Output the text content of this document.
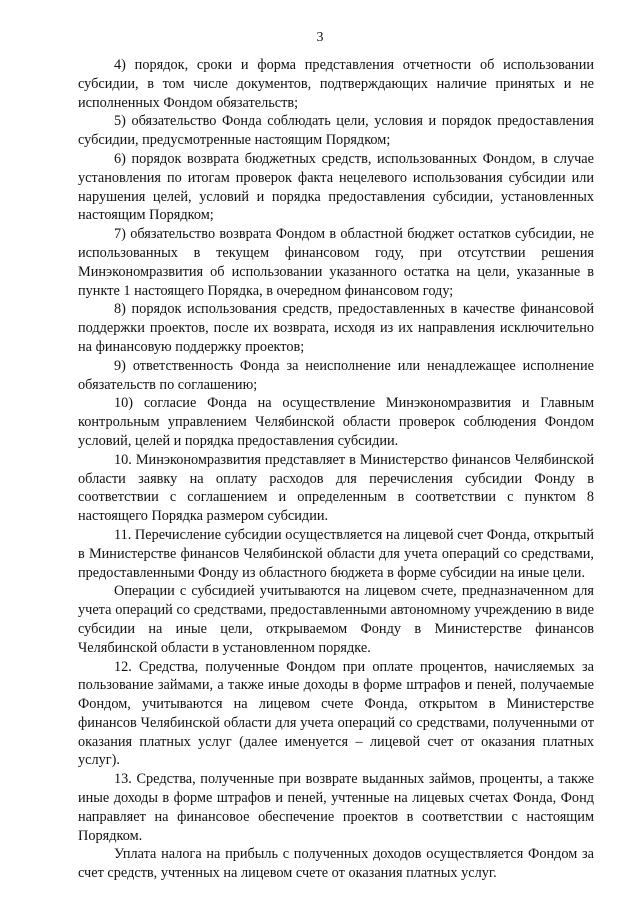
3

4) порядок, сроки и форма представления отчетности об использовании субсидии, в том числе документов, подтверждающих наличие принятых и не исполненных Фондом обязательств;

5) обязательство Фонда соблюдать цели, условия и порядок предоставления субсидии, предусмотренные настоящим Порядком;

6) порядок возврата бюджетных средств, использованных Фондом, в случае установления по итогам проверок факта нецелевого использования субсидии или нарушения целей, условий и порядка предоставления субсидии, установленных настоящим Порядком;

7) обязательство возврата Фондом в областной бюджет остатков субсидии, не использованных в текущем финансовом году, при отсутствии решения Минэкономразвития об использовании указанного остатка на цели, указанные в пункте 1 настоящего Порядка, в очередном финансовом году;

8) порядок использования средств, предоставленных в качестве финансовой поддержки проектов, после их возврата, исходя из их направления исключительно на финансовую поддержку проектов;

9) ответственность Фонда за неисполнение или ненадлежащее исполнение обязательств по соглашению;

10) согласие Фонда на осуществление Минэкономразвития и Главным контрольным управлением Челябинской области проверок соблюдения Фондом условий, целей и порядка предоставления субсидии.

10. Минэкономразвития представляет в Министерство финансов Челябинской области заявку на оплату расходов для перечисления субсидии Фонду в соответствии с соглашением и определенным в соответствии с пунктом 8 настоящего Порядка размером субсидии.

11. Перечисление субсидии осуществляется на лицевой счет Фонда, открытый в Министерстве финансов Челябинской области для учета операций со средствами, предоставленными Фонду из областного бюджета в форме субсидии на иные цели.

Операции с субсидией учитываются на лицевом счете, предназначенном для учета операций со средствами, предоставленными автономному учреждению в виде субсидии на иные цели, открываемом Фонду в Министерстве финансов Челябинской области в установленном порядке.

12. Средства, полученные Фондом при оплате процентов, начисляемых за пользование займами, а также иные доходы в форме штрафов и пеней, получаемые Фондом, учитываются на лицевом счете Фонда, открытом в Министерстве финансов Челябинской области для учета операций со средствами, полученными от оказания платных услуг (далее именуется – лицевой счет от оказания платных услуг).

13. Средства, полученные при возврате выданных займов, проценты, а также иные доходы в форме штрафов и пеней, учтенные на лицевых счетах Фонда, Фонд направляет на финансовое обеспечение проектов в соответствии с настоящим Порядком.

Уплата налога на прибыль с полученных доходов осуществляется Фондом за счет средств, учтенных на лицевом счете от оказания платных услуг.
